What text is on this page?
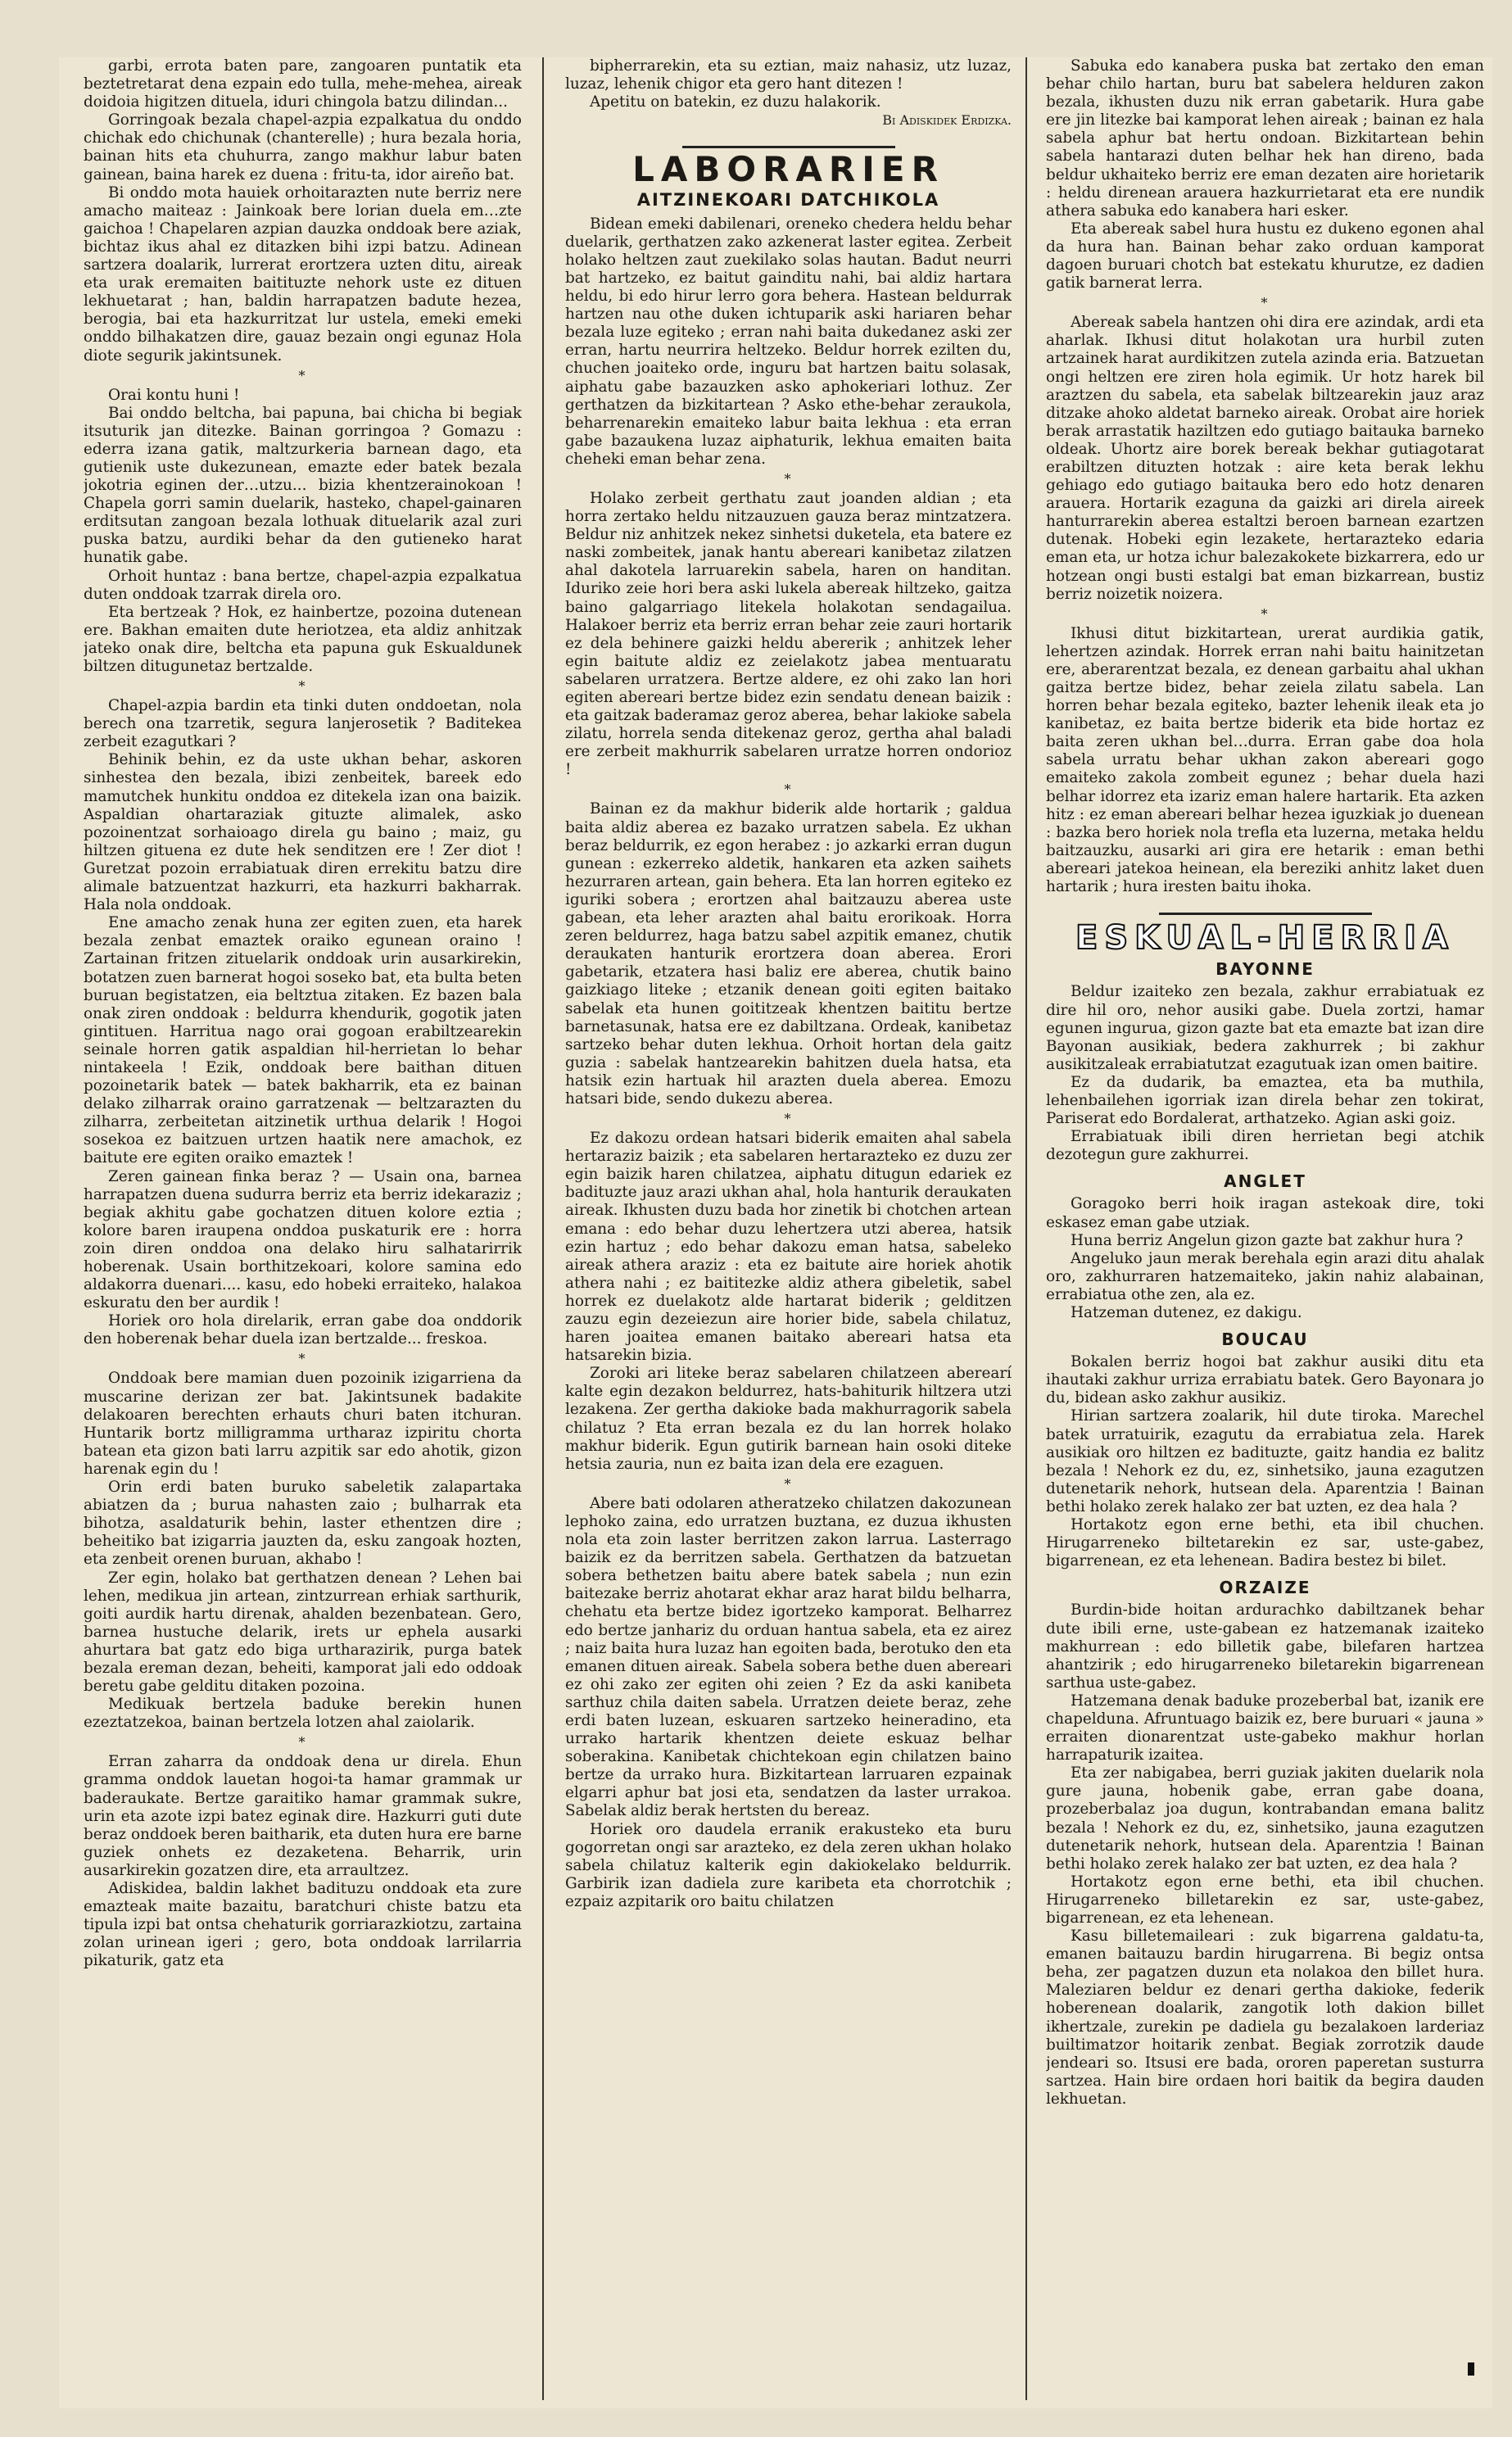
garbi, errota baten pare, zangoaren puntatik eta beztetretarat dena ezpain edo tulla, mehe-mehea, aireak doidoia higitzen dituela, iduri chingola batzu dilindan...

Gorringoak bezala chapel-azpia ezpalkatua du onddo chichak edo chichunak (chanterelle) ; hura bezala horia, bainan hits eta chuhurra, zango makhur labur baten gainean, baina harek ez duena : fritu-ta, idor aireño bat.

Bi onddo mota hauiek orhoitarazten nute berriz nere amacho maiteaz : Jainkoak bere lorian duela em…zte gaichoa ! Chapelaren azpian dauzka onddoak bere aziak, bichtaz ikus ahal ez ditazken bihi izpi batzu. Adinean sartzera doalarik, lurrerat erortzera uzten ditu, aireak eta urak eremaiten baitituzte nehork uste ez dituen lekhuetarat ; han, baldin harrapatzen badute hezea, berogia, bai eta hazkurritzat lur ustela, emeki emeki onddo bilhakatzen dire, gauaz bezain ongi egunaz Hola diote segurik jakintsunek.

*

Orai kontu huni !

Bai onddo beltcha, bai papuna, bai chicha bi begiak itsuturik jan ditezke. Bainan gorringoa ? Gomazu : ederra izana gatik, maltzurkeria barnean dago, eta gutienik uste dukezunean, emazte eder batek bezala jokotria eginen der…utzu... bizia khentzerainokoan ! Chapela gorri samin duelarik, hasteko, chapel-gainaren erditsutan zangoan bezala lothuak dituelarik azal zuri puska batzu, aurdiki behar da den gutieneko harat hunatik gabe.

Orhoit huntaz : bana bertze, chapel-azpia ezpalkatua duten onddoak tzarrak direla oro.

Eta bertzeak ? Hok, ez hainbertze, pozoina dutenean ere. Bakhan emaiten dute heriotzea, eta aldiz anhitzak jateko onak dire, beltcha eta papuna guk Eskualdunek biltzen ditugunetaz bertzalde.

*

Chapel-azpia bardin eta tinki duten onddoetan, nola berech ona tzarretik, segura lanjerosetik ? Baditekea zerbeit ezagutkari ?

Behinik behin, ez da uste ukhan behar, askoren sinhestea den bezala, ibizi zenbeitek, bareek edo mamutchek hunkitu onddoa ez ditekela izan ona baizik. Aspaldian ohartaraziak gituzte alimalek, asko pozoinentzat sorhaioago direla gu baino ; maiz, gu hiltzen gituena ez dute hek senditzen ere ! Zer diot ! Guretzat pozoin errabiatuak diren errekitu batzu dire alimale batzuentzat hazkurri, eta hazkurri bakharrak. Hala nola onddoak.

Ene amacho zenak huna zer egiten zuen, eta harek bezala zenbat emaztek oraiko egunean oraino ! Zartainan fritzen zituelarik onddoak urin ausarkirekin, botatzen zuen barnerat hogoi soseko bat, eta bulta beten buruan begistatzen, eia beltztua zitaken. Ez bazen bala onak ziren onddoak : beldurra khendurik, gogotik jaten gintituen. Harritua nago orai gogoan erabiltzearekin seinale horren gatik aspaldian hil-herrietan lo behar nintakeela ! Ezik, onddoak bere baithan dituen pozoinetarik batek — batek bakharrik, eta ez bainan delako zilharrak oraino garratzenak — beltzarazten du zilharra, zerbeitetan aitzinetik urthua delarik ! Hogoi sosekoa ez baitzuen urtzen haatik nere amachok, ez baitute ere egiten oraiko emaztek !

Zeren gainean finka beraz ? — Usain ona, barnea harrapatzen duena sudurra berriz eta berriz idekaraziz ; begiak akhitu gabe gochatzen dituen kolore eztia ; kolore baren iraupena onddoa puskaturik ere : horra zoin diren onddoa ona delako hiru salhatarirrik hoberenak. Usain borthitzekoari, kolore samina edo aldakorra duenari.... kasu, edo hobeki erraiteko, halakoa eskuratu den ber aurdik !

Horiek oro hola direlarik, erran gabe doa onddorik den hoberenak behar duela izan bertzalde... freskoa.

*

Onddoak bere mamian duen pozoinik izigarriena da muscarine derizan zer bat. Jakintsunek badakite delakoaren berechten erhauts churi baten itchuran. Huntarik bortz milligramma urtharaz izpiritu chorta batean eta gizon bati larru azpitik sar edo ahotik, gizon harenak egin du !

Orin erdi baten buruko sabeletik zalapartaka abiatzen da ; burua nahasten zaio ; bulharrak eta bihotza, asaldaturik behin, laster ethentzen dire ; beheitiko bat izigarria jauzten da, esku zangoak hozten, eta zenbeit orenen buruan, akhabo !

Zer egin, holako bat gerthatzen denean ? Lehen bai lehen, medikua jin artean, zintzurrean erhiak sarthurik, goiti aurdik hartu direnak, ahalden bezenbatean. Gero, barnea hustuche delarik, irets ur ephela ausarki ahurtara bat gatz edo biga urtharazirik, purga batek bezala ereman dezan, beheiti, kamporat jali edo oddoak beretu gabe gelditu ditaken pozoina.

Medikuak bertzela baduke berekin hunen ezeztatzekoa, bainan bertzela lotzen ahal zaiolarik.

*

Erran zaharra da onddoak dena ur direla. Ehun gramma onddok lauetan hogoi-ta hamar grammak ur baderaukate. Bertze garaitiko hamar grammak sukre, urin eta azote izpi batez eginak dire. Hazkurri guti dute beraz onddoek beren baitharik, eta duten hura ere barne guziek onhets ez dezaketena. Beharrik, urin ausarkirekin gozatzen dire, eta arraultzez.

Adiskidea, baldin lakhet badituzu onddoak eta zure emazteak maite bazaitu, baratchuri chiste batzu eta tipula izpi bat ontsa chehaturik gorriarazkiotzu, zartaina zolan urinean igeri ; gero, bota onddoak larrilarria pikaturik, gatz eta

bipherrarekin, eta su eztian, maiz nahasiz, utz luzaz, luzaz, lehenik chigor eta gero hant ditezen !

Apetitu on batekin, ez duzu halakorik.

Bi Adiskidek Erdizka.

LABORARIER
AITZINEKOARI DATCHIKOLA

Bidean emeki dabilenari, oreneko chedera heldu behar duelarik, gerthatzen zako azkenerat laster egitea. Zerbeit holako heltzen zaut zuekilako solas hautan. Badut neurri bat hartzeko, ez baitut gainditu nahi, bai aldiz hartara heldu, bi edo hirur lerro gora behera. Hastean beldurrak hartzen nau othe duken ichtuparik aski hariaren behar bezala luze egiteko ; erran nahi baita dukedanez aski zer erran, hartu neurrira heltzeko. Beldur horrek ezilten du, chuchen joaiteko orde, inguru bat hartzen baitu solasak, aiphatu gabe bazauzken asko aphokeriari lothuz. Zer gerthatzen da bizkitartean ? Asko ethe-behar zeraukola, beharrenarekin emaiteko labur baita lekhua : eta erran gabe bazaukena luzaz aiphaturik, lekhua emaiten baita cheheki eman behar zena.

*

Holako zerbeit gerthatu zaut joanden aldian ; eta horra zertako heldu nitzauzuen gauza beraz mintzatzera. Beldur niz anhitzek nekez sinhetsi duketela, eta batere ez naski zombeitek, janak hantu abereari kanibetaz zilatzen ahal dakotela larruarekin sabela, haren on handitan. Iduriko zeie hori bera aski lukela abereak hiltzeko, gaitza baino galgarriago litekela holakotan sendagailua. Halakoer berriz eta berriz erran behar zeie zauri hortarik ez dela behinere gaizki heldu abererik ; anhitzek leher egin baitute aldiz ez zeielakotz jabea mentuaratu sabelaren urratzera. Bertze aldere, ez ohi zako lan hori egiten abereari bertze bidez ezin sendatu denean baizik : eta gaitzak baderamaz geroz aberea, behar lakioke sabela zilatu, horrela senda ditekenaz geroz, gertha ahal baladi ere zerbeit makhurrik sabelaren urratze horren ondorioz !

*

Bainan ez da makhur biderik alde hortarik ; galdua baita aldiz aberea ez bazako urratzen sabela. Ez ukhan beraz beldurrik, ez egon herabez : jo azkarki erran dugun gunean : ezkerreko aldetik, hankaren eta azken saihets hezurraren artean, gain behera. Eta lan horren egiteko ez iguriki sobera ; erortzen ahal baitzauzu aberea uste gabean, eta leher arazten ahal baitu erorikoak. Horra zeren beldurrez, haga batzu sabel azpitik emanez, chutik deraukaten hanturik erortzera doan aberea. Erori gabetarik, etzatera hasi baliz ere aberea, chutik baino gaizkiago liteke ; etzanik denean goiti egiten baitako sabelak eta hunen goititzeak khentzen baititu bertze barnetasunak, hatsa ere ez dabiltzana. Ordeak, kanibetaz sartzeko behar duten lekhua. Orhoit hortan dela gaitz guzia : sabelak hantzearekin bahitzen duela hatsa, eta hatsik ezin hartuak hil arazten duela aberea. Emozu hatsari bide, sendo dukezu aberea.

*

Ez dakozu ordean hatsari biderik emaiten ahal sabela hertaraziz baizik ; eta sabelaren hertarazteko ez duzu zer egin baizik haren chilatzea, aiphatu ditugun edariek ez badituzte jauz arazi ukhan ahal, hola hanturik deraukaten aireak. Ikhusten duzu bada hor zinetik bi chotchen artean emana : edo behar duzu lehertzera utzi aberea, hatsik ezin hartuz ; edo behar dakozu eman hatsa, sabeleko aireak athera araziz : eta ez baitute aire horiek ahotik athera nahi ; ez baititezke aldiz athera gibeletik, sabel horrek ez duelakotz alde hartarat biderik ; gelditzen zauzu egin dezeiezun aire horier bide, sabela chilatuz, haren joaitea emanen baitako abereari hatsa eta hatsarekin bizia.

Zoroki ari liteke beraz sabelaren chilatzeen aberearí kalte egin dezakon beldurrez, hats-bahiturik hiltzera utzi lezakena. Zer gertha dakioke bada makhurragorik sabela chilatuz ? Eta erran bezala ez du lan horrek holako makhur biderik. Egun gutirik barnean hain osoki ditekе hetsia zauria, nun ez baita izan dela ere ezaguen.

*

Abere bati odolaren atheratzeko chilatzen dakozunean lephoko zaina, edo urratzen buztana, ez duzua ikhusten nola eta zoin laster berritzen zakon larrua. Lasterrago baizik ez da berritzen sabela. Gerthatzen da batzuetan sobera bethetzen baitu abere batek sabela ; nun ezin baitezake berriz ahotarat ekhar araz harat bildu belharra, chehatu eta bertze bidez igortzeko kamporat. Belharrez edo bertze janhariz du orduan hantua sabela, eta ez airez ; naiz baita hura luzaz han egoiten bada, berotuko den eta emanen dituen aireak. Sabela sobera bethe duen abereari ez ohi zako zer egiten ohi zeien ? Ez da aski kanibeta sarthuz chila daiten sabela. Urratzen deiete beraz, zehe erdi baten luzean, eskuaren sartzeko heineradino, eta urrako hartarik khentzen deiete eskuaz belhar soberakina. Kanibetak chichtekoan egin chilatzen baino bertze da urrako hura. Bizkitartean larruaren ezpainak elgarri aphur bat josi eta, sendatzen da laster urrakoa. Sabelak aldiz berak hertsten du bereaz.

Horiek oro daudela erranik erakusteko eta buru gogorretan ongi sar arazteko, ez dela zeren ukhan holako sabela chilatuz kalterik egin dakiokelako beldurrik. Garbirik izan dadiela zure karibeta eta chorrotchik ; ezpaiz azpitarik oro baitu chilatzen

Sabuka edo kanabera puska bat zertako den eman behar chilo hartan, buru bat sabelera helduren zakon bezala, ikhusten duzu nik erran gabetarik. Hura gabe ere jin litezke bai kamporat lehen aireak ; bainan ez hala sabela aphur bat hertu ondoan. Bizkitartean behin sabela hantarazi duten belhar hek han direno, bada beldur ukhaiteko berriz ere eman dezaten aire horietarik : heldu direnean arauera hazkurrietarat eta ere nundik athera sabuka edo kanabera hari esker.

Eta abereak sabel hura hustu ez dukeno egonen ahal da hura han. Bainan behar zako orduan kamporat dagoen buruari chotch bat estekatu khurutze, ez dadien gatik barnerat lerra.

*

Abereak sabela hantzen ohi dira ere azindak, ardi eta aharlak. Ikhusi ditut holakotan ura hurbil zuten artzainek harat aurdikitzen zutela azinda eria. Batzuetan ongi heltzen ere ziren hola egimik. Ur hotz harek bil araztzen du sabela, eta sabelak biltzearekin jauz araz ditzake ahoko aldetat barneko aireak. Orobat aire horiek berak arrastatik haziltzen edo gutiago baitauka barneko oldeak. Uhortz aire borek bereak bekhar gutiagotarat erabiltzen dituzten hotzak : aire keta berak lekhu gehiago edo gutiago baitauka bero edo hotz denaren arauera. Hortarik ezaguna da gaizki ari direla aireek hanturrarekin aberea estaltzi beroen barnean ezartzen dutenak. Hobeki egin lezakete, hertarazteko edaria eman eta, ur hotza ichur balezakokete bizkarrera, edo ur hotzean ongi busti estalgi bat eman bizkarrean, bustiz berriz noizetik noizera.

*

Ikhusi ditut bizkitartean, urerat aurdikia gatik, lehertzen azindak. Horrek erran nahi baitu hainitzetan ere, aberarentzat bezala, ez denean garbaitu ahal ukhan gaitza bertze bidez, behar zeiela zilatu sabela. Lan horren behar bezala egiteko, bazter lehenik ileak eta jo kanibetaz, ez baita bertze biderik eta bide hortaz ez baita zeren ukhan bel…durra. Erran gabe doa hola sabela urratu behar ukhan zakon abereari gogo emaiteko zakola zombeit egunez ; behar duela hazi belhar idorrez eta izariz eman halere hartarik. Eta azken hitz : ez eman abereari belhar hezea iguzkiak jo duenean : bazka bero horiek nola trefla eta luzerna, metaka heldu baitzauzku, ausarki ari gira ere hetarik : eman bethi abereari jatekoa heinean, ela bereziki anhitz laket duen hartarik ; hura iresten baitu ihoka.

ESKUAL-HERRIA
BAYONNE

Beldur izaiteko zen bezala, zakhur errabiatuak ez dire hil oro, nehor ausiki gabe. Duela zortzi, hamar egunen ingurua, gizon gazte bat eta emazte bat izan dire Bayonan ausikiak, bedera zakhurrek ; bi zakhur ausikitzaleak errabiatutzat ezagutuak izan omen baitire.

Ez da dudarik, ba emaztea, eta ba muthila, lehenbailehen igorriak izan direla behar zen tokirat, Pariserat edo Bordalerat, arthatzeko. Agian aski goiz.

Errabiatuak ibili diren herrietan begi atchik dezotegun gure zakhurrei.

ANGLET

Goragoko berri hoik iragan astekoak dire, toki eskasez eman gabe utziak.

Huna berriz Angelun gizon gazte bat zakhur hura ?

Angeluko jaun merak berehala egin arazi ditu ahalak oro, zakhurraren hatzemaiteko, jakin nahiz alabainan, errabiatua othe zen, ala ez.

Hatzeman dutenez, ez dakigu.

BOUCAU

Bokalen berriz hogoi bat zakhur ausiki ditu eta ihautaki zakhur urriza errabiatu batek. Gero Bayonara jo du, bidean asko zakhur ausikiz.

Hirian sartzera zoalarik, hil dute tiroka. Marechel batek urratuirik, ezagutu da errabiatua zela. Harek ausikiak oro hiltzen ez badituzte, gaitz handia ez balitz bezala ! Nehork ez du, ez, sinhetsiko, jauna ezagutzen dutenetarik nehork, hutsean dela. Aparentzia ! Bainan bethi holako zerek halako zer bat uzten, ez dea hala ?

Hortakotz egon erne bethi, eta ibil chuchen. Hirugarreneko biltetarekin ez sar, uste-gabez, bigarrenean, ez eta lehenean. Badira bestez bi bilet.

ORZAIZE

Burdin-bide hoitan ardurachko dabiltzanek behar dute ibili erne, uste-gabean ez hatzemanak izaiteko makhurrean : edo billetik gabe, bilefaren hartzea ahantzirik ; edo hirugarreneko biletarekin bigarrenean sarthua uste-gabez.

Hatzemana denak baduke prozeberbal bat, izanik ere chapelduna. Afruntuago baizik ez, bere buruari « jauna » erraiten dionarentzat uste-gabeko makhur horlan harrapaturik izaitea.

Eta zer nabigabea, berri guziak jakiten duelarik nola gure jauna, hobenik gabe, erran gabe doana, prozeberbalaz joa dugun, kontrabandan emana balitz bezala ! Nehork ez du, ez, sinhetsiko, jauna ezagutzen dutenetarik nehork, hutsean dela. Aparentzia ! Bainan bethi holako zerek halako zer bat uzten, ez dea hala ?

Hortakotz egon erne bethi, eta ibil chuchen. Hirugarreneko billetarekin ez sar, uste-gabez, bigarrenean, ez eta lehenean.

Kasu billetemaileari : zuk bigarrena galdatu-ta, emanen baitauzu bardin hirugarrena. Bi begiz ontsa beha, zer pagatzen duzun eta nolakoa den billet hura. Maleziaren beldur ez denari gertha dakioke, federik hoberenean doalarik, zangotik loth dakion billet ikhertzale, zurekin pe dadiela gu bezalakoen larderiaz builtimatzor hoitarik zenbat. Begiak zorrotzik daude jendeari so. Itsusi ere bada, ororen paperetan susturra sartzea. Hain bire ordaen hori baitik da begira dauden lekhuetan.
